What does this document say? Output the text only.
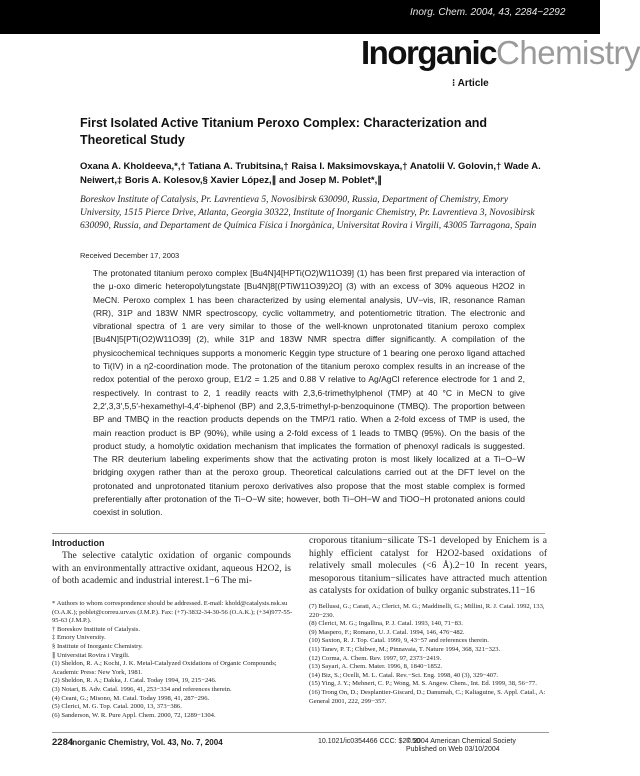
Inorg. Chem. 2004, 43, 2284−2292
InorganicChemistry
⁝ Article
First Isolated Active Titanium Peroxo Complex: Characterization and Theoretical Study
Oxana A. Kholdeeva,*,† Tatiana A. Trubitsina,† Raisa I. Maksimovskaya,† Anatolii V. Golovin,† Wade A. Neiwert,‡ Boris A. Kolesov,§ Xavier López,∥ and Josep M. Poblet*,∥
Boreskov Institute of Catalysis, Pr. Lavrentieva 5, Novosibirsk 630090, Russia, Department of Chemistry, Emory University, 1515 Pierce Drive, Atlanta, Georgia 30322, Institute of Inorganic Chemistry, Pr. Lavrentieva 3, Novosibirsk 630090, Russia, and Departament de Química Física i Inorgànica, Universitat Rovira i Virgili, 43005 Tarragona, Spain
Received December 17, 2003
The protonated titanium peroxo complex [Bu4N]4[HPTi(O2)W11O39] (1) has been first prepared via interaction of the μ-oxo dimeric heteropolytungstate [Bu4N]8[(PTiW11O39)2O] (3) with an excess of 30% aqueous H2O2 in MeCN. Peroxo complex 1 has been characterized by using elemental analysis, UV−vis, IR, resonance Raman (RR), 31P and 183W NMR spectroscopy, cyclic voltammetry, and potentiometric titration. The electronic and vibrational spectra of 1 are very similar to those of the well-known unprotonated titanium peroxo complex [Bu4N]5[PTi(O2)W11O39] (2), while 31P and 183W NMR spectra differ significantly. A compilation of the physicochemical techniques supports a monomeric Keggin type structure of 1 bearing one peroxo ligand attached to Ti(IV) in a η2-coordination mode. The protonation of the titanium peroxo complex results in an increase of the redox potential of the peroxo group, E1/2 = 1.25 and 0.88 V relative to Ag/AgCl reference electrode for 1 and 2, respectively. In contrast to 2, 1 readily reacts with 2,3,6-trimethylphenol (TMP) at 40 °C in MeCN to give 2,2′,3,3′,5,5′-hexamethyl-4,4′-biphenol (BP) and 2,3,5-trimethyl-p-benzoquinone (TMBQ). The proportion between BP and TMBQ in the reaction products depends on the TMP/1 ratio. When a 2-fold excess of TMP is used, the main reaction product is BP (90%), while using a 2-fold excess of 1 leads to TMBQ (95%). On the basis of the product study, a homolytic oxidation mechanism that implicates the formation of phenoxyl radicals is suggested. The RR deuterium labeling experiments show that the activating proton is most likely localized at a Ti−O−W bridging oxygen rather than at the peroxo group. Theoretical calculations carried out at the DFT level on the protonated and unprotonated titanium peroxo derivatives also propose that the most stable complex is formed preferentially after protonation of the Ti−O−W site; however, both Ti−OH−W and TiOO−H protonated anions could coexist in solution.
Introduction
The selective catalytic oxidation of organic compounds with an environmentally attractive oxidant, aqueous H2O2, is of both academic and industrial interest.1−6 The mi-
croporous titanium−silicate TS-1 developed by Enichem is a highly efficient catalyst for H2O2-based oxidations of relatively small molecules (<6 Å).2−10 In recent years, mesoporous titanium−silicates have attracted much attention as catalysts for oxidation of bulky organic substrates.11−16
* Authors to whom correspondence should be addressed. E-mail: khold@catalysis.nsk.su (O.A.K.); poblet@correu.urv.es (J.M.P.). Fax: (+7)-3832-34-30-56 (O.A.K.); (+34)977-55-95-63 (J.M.P.).
† Boreskov Institute of Catalysis.
‡ Emory University.
§ Institute of Inorganic Chemistry.
∥ Universitat Rovira i Virgili.
(1) Sheldon, R. A.; Kochi, J. K. Metal-Catalyzed Oxidations of Organic Compounds; Academic Press: New York, 1981.
(2) Sheldon, R. A.; Dakka, J. Catal. Today 1994, 19, 215−246.
(3) Notari, B. Adv. Catal. 1996, 41, 253−334 and references therein.
(4) Ceani, G.; Misono, M. Catal. Today 1998, 41, 287−296.
(5) Clerici, M. G. Top. Catal. 2000, 13, 373−386.
(6) Sanderson, W. R. Pure Appl. Chem. 2000, 72, 1289−1304.
(7) Bellussi, G.; Carati, A.; Clerici, M. G.; Maddinelli, G.; Millini, R. J. Catal. 1992, 133, 220−230.
(8) Clerici, M. G.; Ingallina, P. J. Catal. 1993, 140, 71−83.
(9) Maspero, F.; Romano, U. J. Catal. 1994, 146, 476−482.
(10) Saxton, R. J. Top. Catal. 1999, 9, 43−57 and references therein.
(11) Tanev, P. T.; Chibwe, M.; Pinnavaia, T. Nature 1994, 368, 321−323.
(12) Corma, A. Chem. Rev. 1997, 97, 2373−2419.
(13) Sayari, A. Chem. Mater. 1996, 8, 1840−1852.
(14) Biz, S.; Ocelli, M. L. Catal. Rev.−Sci. Eng. 1998, 40 (3), 329−407.
(15) Ying, J. Y.; Mehnert, C. P.; Wong, M. S. Angew. Chem., Int. Ed. 1999, 38, 56−77.
(16) Trong On, D.; Desplantier-Giscard, D.; Danumah, C.; Kaliaguine, S. Appl. Catal., A: General 2001, 222, 299−357.
2284
Inorganic Chemistry, Vol. 43, No. 7, 2004	10.1021/ic0354466 CCC: $27.50
© 2004 American Chemical Society
Published on Web 03/10/2004
